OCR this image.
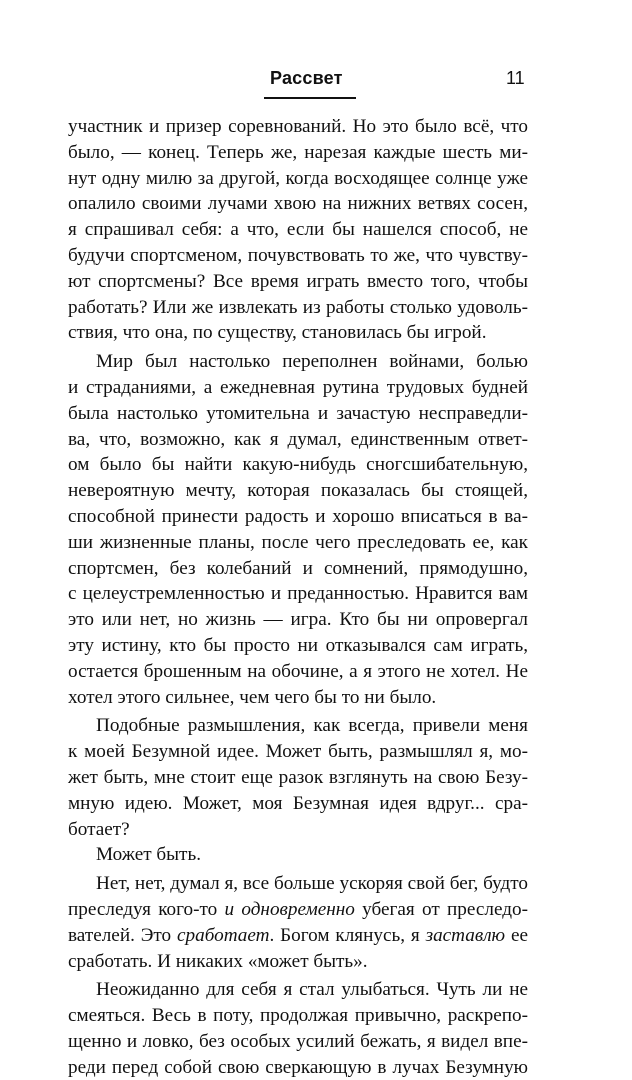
Рассвет	11
участник и призер соревнований. Но это было всё, что
было, — конец. Теперь же, нарезая каждые шесть ми-
нут одну милю за другой, когда восходящее солнце уже
опалило своими лучами хвою на нижних ветвях сосен,
я спрашивал себя: а что, если бы нашелся способ, не
будучи спортсменом, почувствовать то же, что чувству-
ют спортсмены? Все время играть вместо того, чтобы
работать? Или же извлекать из работы столько удоволь-
ствия, что она, по существу, становилась бы игрой.
Мир был настолько переполнен войнами, болью
и страданиями, а ежедневная рутина трудовых будней
была настолько утомительна и зачастую несправедли-
ва, что, возможно, как я думал, единственным ответ-
ом было бы найти какую-нибудь сногсшибательную,
невероятную мечту, которая показалась бы стоящей,
способной принести радость и хорошо вписаться в ва-
ши жизненные планы, после чего преследовать ее, как
спортсмен, без колебаний и сомнений, прямодушно,
с целеустремленностью и преданностью. Нравится вам
это или нет, но жизнь — игра. Кто бы ни опровергал
эту истину, кто бы просто ни отказывался сам играть,
остается брошенным на обочине, а я этого не хотел. Не
хотел этого сильнее, чем чего бы то ни было.
Подобные размышления, как всегда, привели меня
к моей Безумной идее. Может быть, размышлял я, мо-
жет быть, мне стоит еще разок взглянуть на свою Безу-
мную идею. Может, моя Безумная идея вдруг... сра-
ботает?
Может быть.
Нет, нет, думал я, все больше ускоряя свой бег, будто
преследуя кого-то и одновременно убегая от преследо-
вателей. Это сработает. Богом клянусь, я заставлю ее
сработать. И никаких «может быть».
Неожиданно для себя я стал улыбаться. Чуть ли не
смеяться. Весь в поту, продолжая привычно, раскрепо-
щенно и ловко, без особых усилий бежать, я видел впе-
реди перед собой свою сверкающую в лучах Безумную
